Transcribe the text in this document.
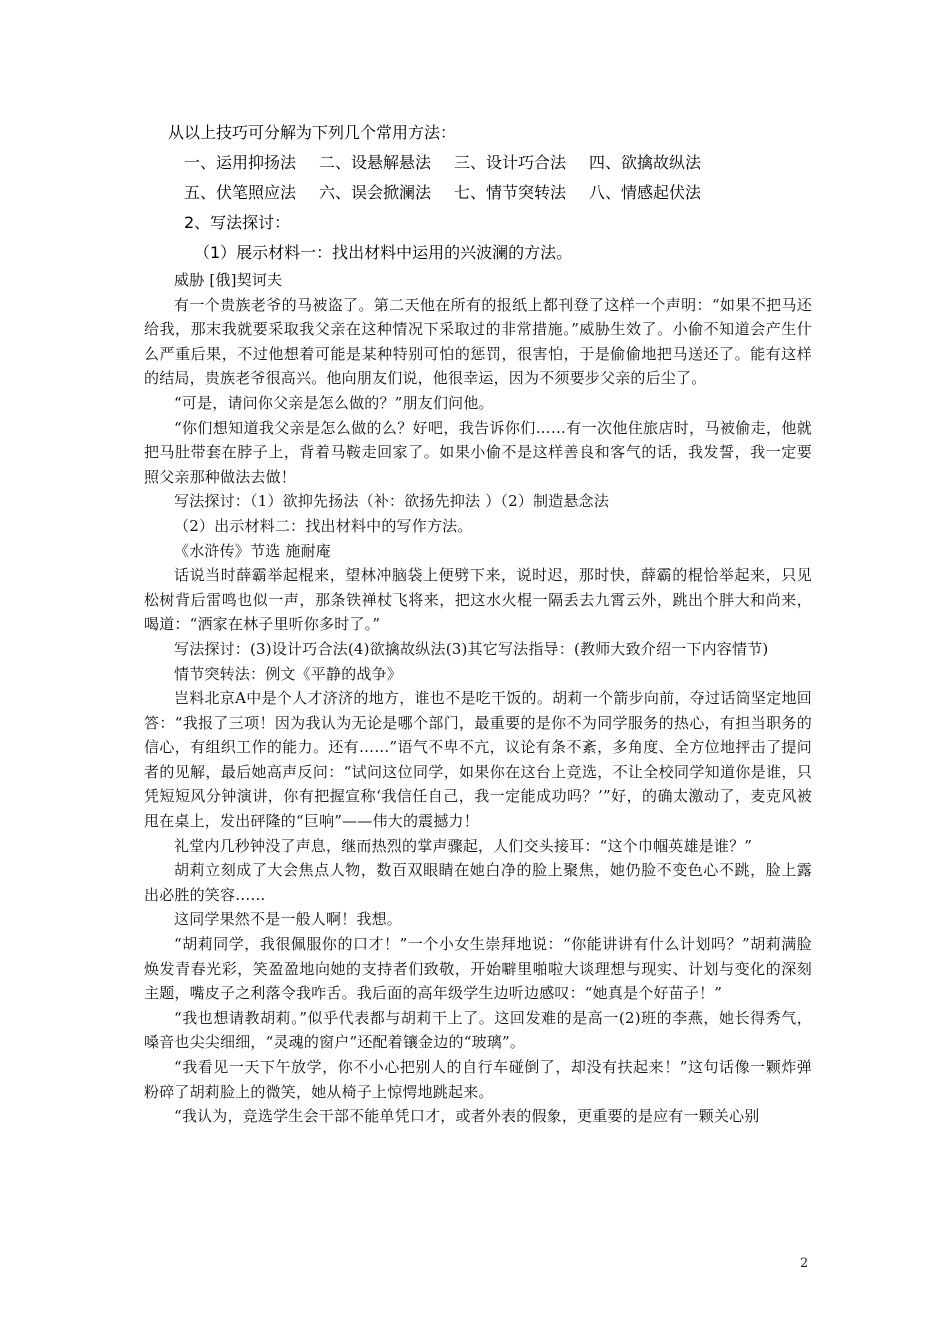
从以上技巧可分解为下列几个常用方法：
一、运用抑扬法 二、设悬解悬法 三、设计巧合法 四、欲擒故纵法
五、伏笔照应法 六、误会掀澜法 七、情节突转法 八、情感起伏法
2、写法探讨：
（1）展示材料一：找出材料中运用的兴波澜的方法。

威胁 [俄]契诃夫

有一个贵族老爷的马被盗了。第二天他在所有的报纸上都刊登了这样一个声明：“如果不把马还给我，那末我就要采取我父亲在这种情况下采取过的非常措施。”威胁生效了。小偷不知道会产生什么严重后果，不过他想着可能是某种特别可怕的惩罚，很害怕，于是偷偷地把马送还了。能有这样的结局，贵族老爷很高兴。他向朋友们说，他很幸运，因为不须要步父亲的后尘了。

“可是，请问你父亲是怎么做的？”朋友们问他。

“你们想知道我父亲是怎么做的么？好吧，我告诉你们……有一次他住旅店时，马被偷走，他就把马肚带套在脖子上，背着马鞍走回家了。如果小偷不是这样善良和客气的话，我发誓，我一定要照父亲那种做法去做！

写法探讨：（1）欲抑先扬法（补：欲扬先抑法 ）（2）制造悬念法

（2）出示材料二：找出材料中的写作方法。

《水浒传》节选 施耐庵

话说当时薛霸举起棍来，望林冲脑袋上便劈下来，说时迟，那时快，薛霸的棍恰举起来，只见松树背后雷鸣也似一声，那条铁禅杖飞将来，把这水火棍一隔丢去九霄云外，跳出个胖大和尚来，喝道：“洒家在林子里听你多时了。”

写法探讨：(3)设计巧合法(4)欲擒故纵法(3)其它写法指导：(教师大致介绍一下内容情节)

情节突转法：例文《平静的战争》

岂料北京A中是个人才济济的地方，谁也不是吃干饭的。胡莉一个箭步向前，夺过话筒坚定地回答：“我报了三项！因为我认为无论是哪个部门，最重要的是你不为同学服务的热心，有担当职务的信心，有组织工作的能力。还有……”语气不卑不亢，议论有条不紊，多角度、全方位地抨击了提问者的见解，最后她高声反问：“试问这位同学，如果你在这台上竞选，不让全校同学知道你是谁，只凭短短风分钟演讲，你有把握宣称‘我信任自己，我一定能成功吗？’”好，的确太激动了，麦克风被甩在桌上，发出砰隆的“巨响”——伟大的震撼力！

礼堂内几秒钟没了声息，继而热烈的掌声骤起，人们交头接耳：“这个巾帼英雄是谁？”

胡莉立刻成了大会焦点人物，数百双眼睛在她白净的脸上聚焦，她仍脸不变色心不跳，脸上露出必胜的笑容……

这同学果然不是一般人啊！我想。

“胡莉同学，我很佩服你的口才！”一个小女生崇拜地说：“你能讲讲有什么计划吗？”胡莉满脸焕发青春光彩，笑盈盈地向她的支持者们致敬，开始噼里啪啦大谈理想与现实、计划与变化的深刻主题，嘴皮子之利落令我咋舌。我后面的高年级学生边听边感叹：“她真是个好苗子！”

“我也想请教胡莉。”似乎代表都与胡莉干上了。这回发难的是高一(2)班的李燕，她长得秀气，嗓音也尖尖细细，“灵魂的窗户”还配着镶金边的“玻璃”。

“我看见一天下午放学，你不小心把别人的自行车碰倒了，却没有扶起来！”这句话像一颗炸弹粉碎了胡莉脸上的微笑，她从椅子上惊愕地跳起来。

“我认为，竞选学生会干部不能单凭口才，或者外表的假象，更重要的是应有一颗关心别

2
